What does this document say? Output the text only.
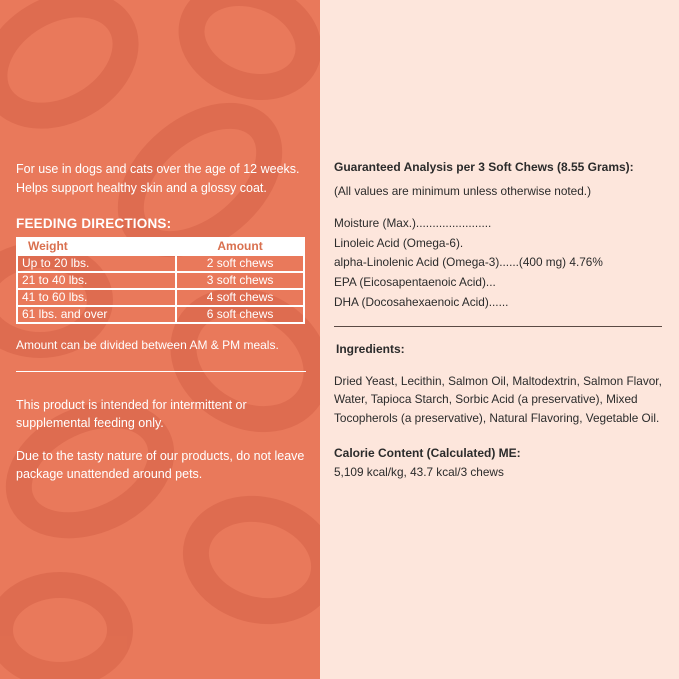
For use in dogs and cats over the age of 12 weeks. Helps support healthy skin and a glossy coat.
FEEDING DIRECTIONS:
Weight	Amount
Up to 20 lbs.	2 soft chews
21 to 40 lbs.	3 soft chews
41 to 60 lbs.	4 soft chews
61 lbs. and over	6 soft chews
Amount can be divided between AM & PM meals.
This product is intended for intermittent or supplemental feeding only.
Due to the tasty nature of our products, do not leave package unattended around pets.
Guaranteed Analysis per 3 Soft Chews (8.55 Grams):
(All values are minimum unless otherwise noted.)
Moisture (Max.).......................
Linoleic Acid (Omega-6).
alpha-Linolenic Acid (Omega-3)......(400 mg) 4.76%
EPA (Eicosapentaenoic Acid)...
DHA (Docosahexaenoic Acid)......
Ingredients:
Dried Yeast, Lecithin, Salmon Oil, Maltodextrin, Salmon Flavor, Water, Tapioca Starch, Sorbic Acid (a preservative), Mixed Tocopherols (a preservative), Natural Flavoring, Vegetable Oil.
Calorie Content (Calculated) ME:
5,109 kcal/kg, 43.7 kcal/3 chews
